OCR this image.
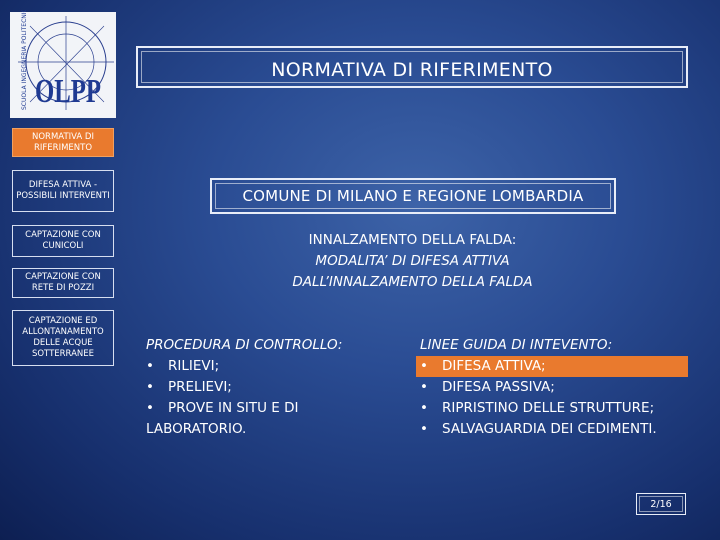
OLPP
SCUOLA INGEGNERIA POLITECNICO	NORMATIVA DI RIFERIMENTO
NORMATIVA DI RIFERIMENTO
DIFESA ATTIVA - POSSIBILI INTERVENTI
CAPTAZIONE CON CUNICOLI
CAPTAZIONE CON RETE DI POZZI
CAPTAZIONE ED ALLONTANAMENTO DELLE ACQUE SOTTERRANEE
COMUNE DI MILANO E REGIONE LOMBARDIA
INNALZAMENTO DELLA FALDA:
MODALITA’ DI DIFESA ATTIVA
DALL’INNALZAMENTO DELLA FALDA
PROCEDURA DI CONTROLLO:
• RILIEVI;
• PRELIEVI;
• PROVE IN SITU E DI
LABORATORIO.
LINEE GUIDA DI INTEVENTO:
• DIFESA ATTIVA;
• DIFESA PASSIVA;
• RIPRISTINO DELLE STRUTTURE;
• SALVAGUARDIA DEI CEDIMENTI.
2/16
